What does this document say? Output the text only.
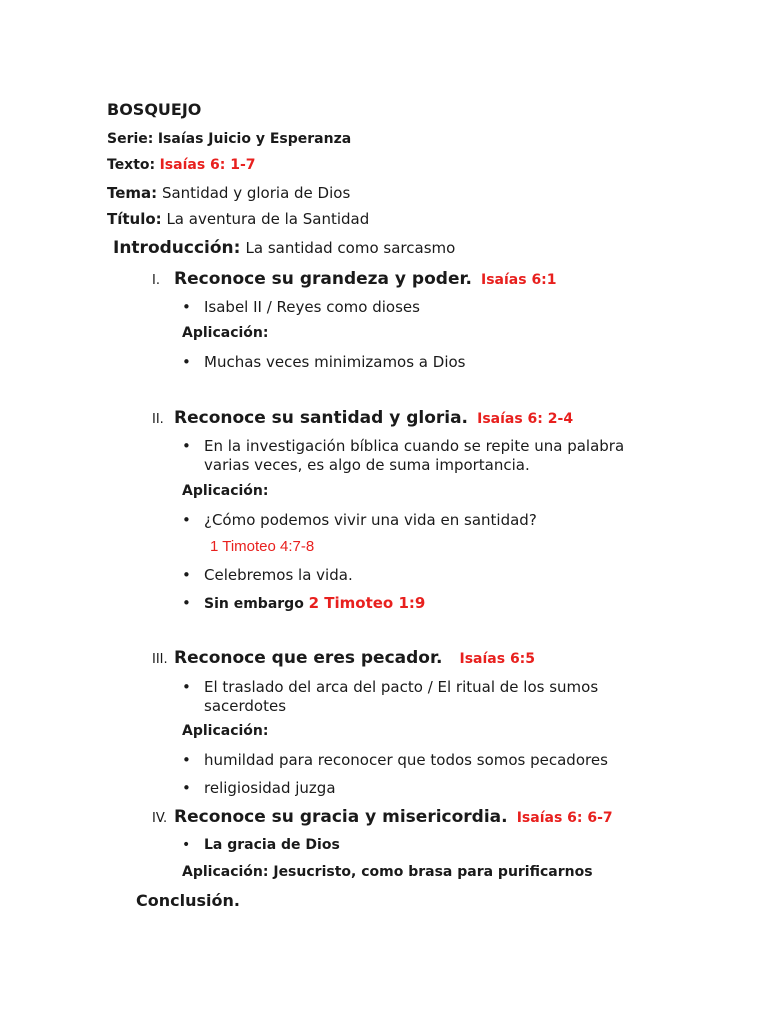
BOSQUEJO
Serie: Isaías Juicio y Esperanza
Texto: Isaías 6: 1-7
Tema: Santidad y gloria de Dios
Título: La aventura de la Santidad
Introducción: La santidad como sarcasmo
I. Reconoce su grandeza y poder. Isaías 6:1
• Isabel II / Reyes como dioses
Aplicación:
• Muchas veces minimizamos a Dios
II. Reconoce su santidad y gloria. Isaías 6: 2-4
• En la investigación bíblica cuando se repite una palabra varias veces, es algo de suma importancia.
Aplicación:
• ¿Cómo podemos vivir una vida en santidad?
1 Timoteo 4:7-8
• Celebremos la vida.
• Sin embargo 2 Timoteo 1:9
III. Reconoce que eres pecador. Isaías 6:5
• El traslado del arca del pacto / El ritual de los sumos sacerdotes
Aplicación:
• humildad para reconocer que todos somos pecadores
• religiosidad juzga
IV. Reconoce su gracia y misericordia. Isaías 6: 6-7
• La gracia de Dios
Aplicación: Jesucristo, como brasa para purificarnos
Conclusión.
